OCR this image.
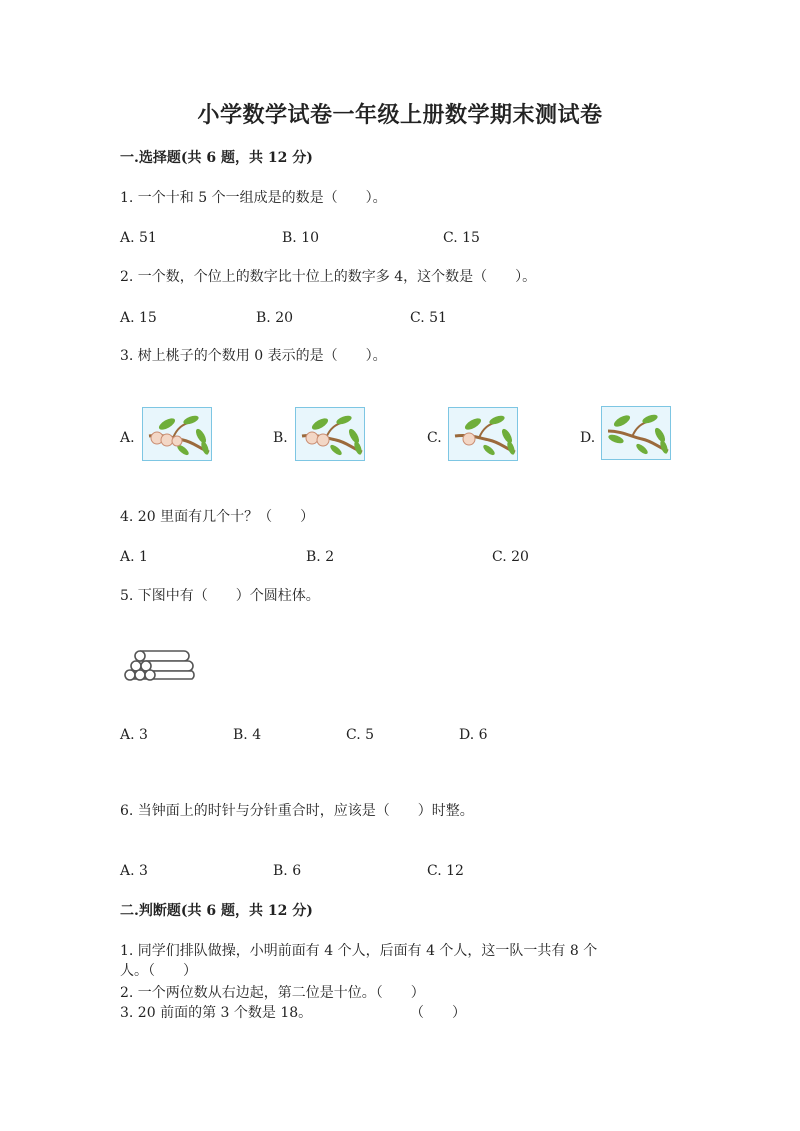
小学数学试卷一年级上册数学期末测试卷
一.选择题(共 6 题，共 12 分)
1. 一个十和 5 个一组成是的数是（　　）。
A. 51	B. 10	C. 15
2. 一个数，个位上的数字比十位上的数字多 4，这个数是（　　）。
A. 15	B. 20	C. 51
3. 树上桃子的个数用 0 表示的是（　　）。
A.	B.	C.	D.
4. 20 里面有几个十？（　　）
A. 1	B. 2	C. 20
5. 下图中有（　　）个圆柱体。
A. 3	B. 4	C. 5	D. 6
6. 当钟面上的时针与分针重合时，应该是（　　）时整。
A. 3	B. 6	C. 12
二.判断题(共 6 题，共 12 分)
1. 同学们排队做操，小明前面有 4 个人，后面有 4 个人，这一队一共有 8 个
人。（　　）
2. 一个两位数从右边起，第二位是十位。（　　）
3. 20 前面的第 3 个数是 18。	（　　）
